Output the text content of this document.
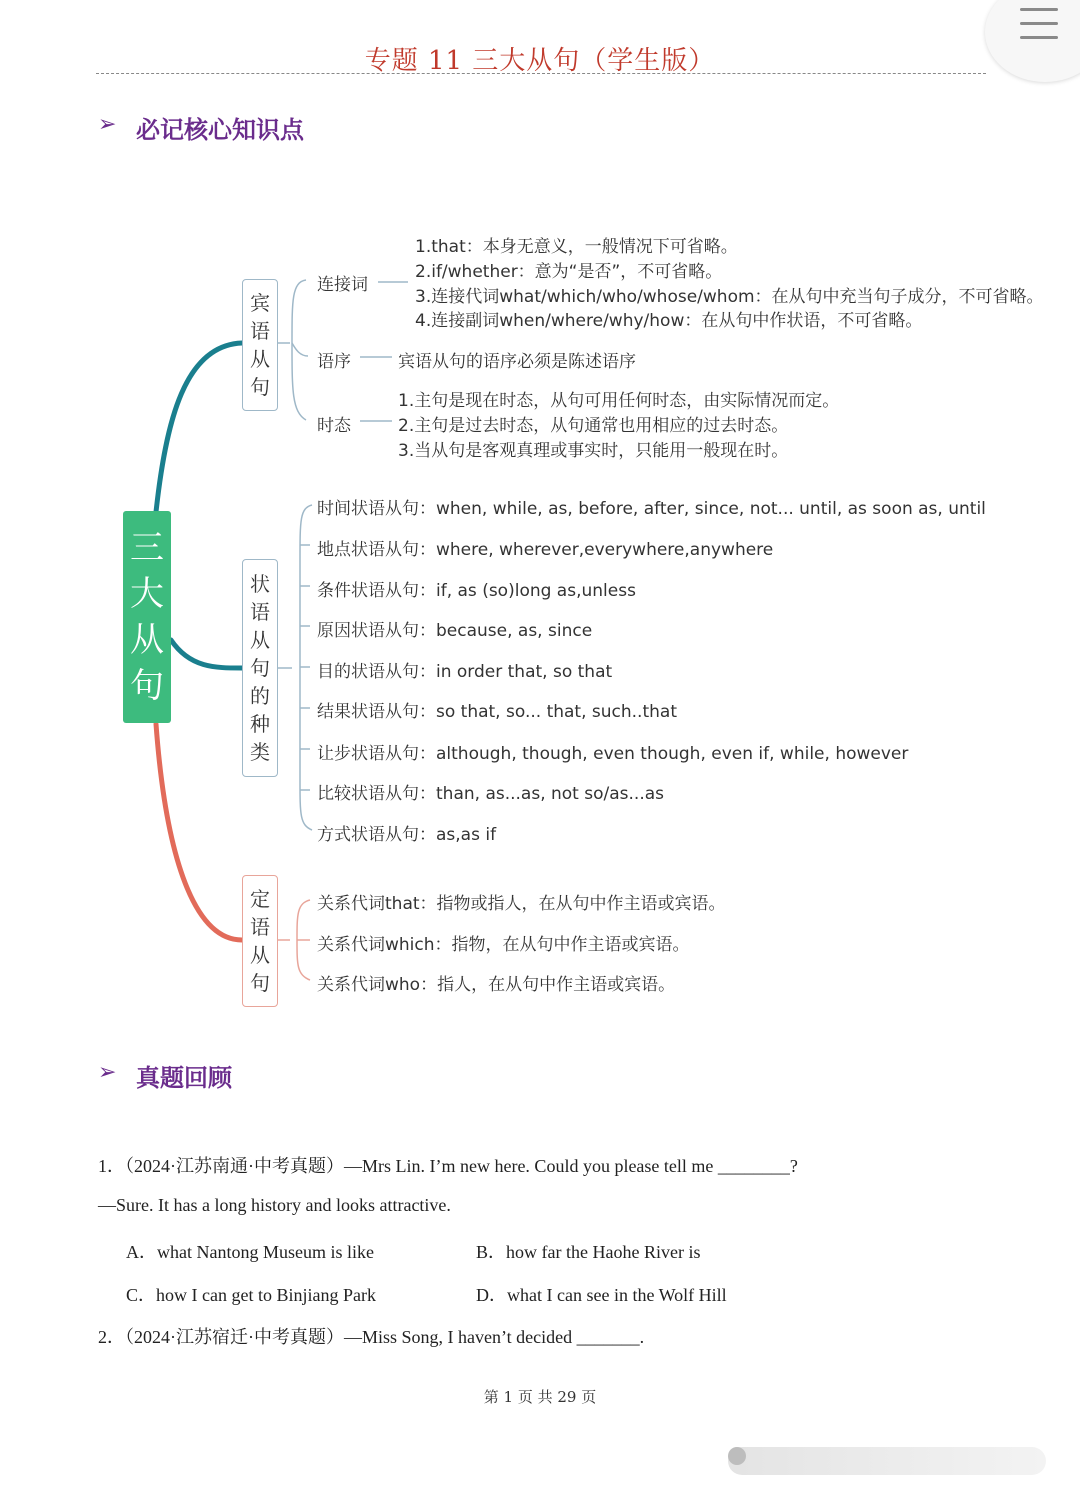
专题 11 三大从句（学生版）
➢ 必记核心知识点
三
大
从
句
宾
语
从
句
连接词
1.that：本身无意义，一般情况下可省略。
2.if/whether：意为“是否”，不可省略。
3.连接代词what/which/who/whose/whom：在从句中充当句子成分，不可省略。
4.连接副词when/where/why/how：在从句中作状语，不可省略。
语序	宾语从句的语序必须是陈述语序
时态
1.主句是现在时态，从句可用任何时态，由实际情况而定。
2.主句是过去时态，从句通常也用相应的过去时态。
3.当从句是客观真理或事实时，只能用一般现在时。
状
语
从
句
的
种
类
时间状语从句：when, while, as, before, after, since, not... until, as soon as, until
地点状语从句：where, wherever,everywhere,anywhere
条件状语从句：if, as (so)long as,unless
原因状语从句：because, as, since
目的状语从句：in order that, so that
结果状语从句：so that, so... that, such..that
让步状语从句：although, though, even though, even if, while, however
比较状语从句：than, as...as, not so/as...as
方式状语从句：as,as if
定
语
从
句
关系代词that：指物或指人，在从句中作主语或宾语。
关系代词which：指物，在从句中作主语或宾语。
关系代词who：指人，在从句中作主语或宾语。
➢ 真题回顾
1．（2024·江苏南通·中考真题）—Mrs Lin. I’m new here. Could you please tell me ________?
—Sure. It has a long history and looks attractive.
A．what Nantong Museum is like	B．how far the Haohe River is
C．how I can get to Binjiang Park	D．what I can see in the Wolf Hill
2．（2024·江苏宿迁·中考真题）—Miss Song, I haven’t decided _______.
第 1 页 共 29 页
